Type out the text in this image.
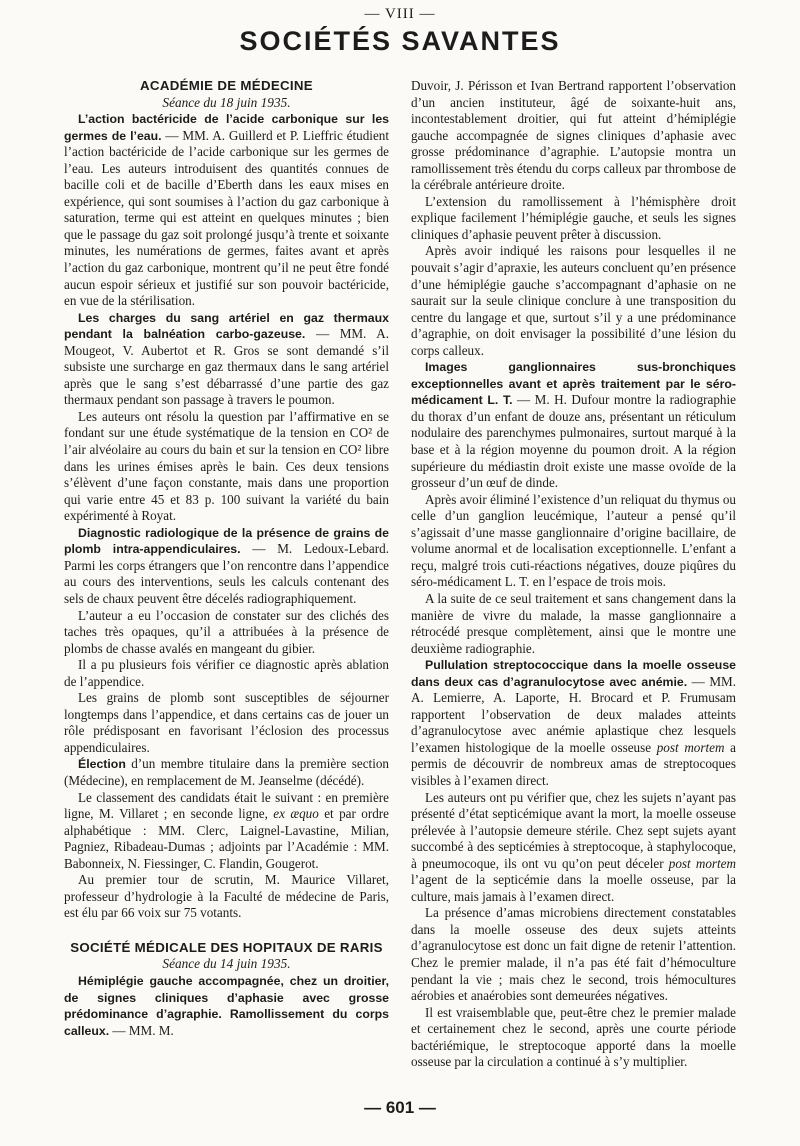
— VIII —
SOCIÉTÉS SAVANTES

ACADÉMIE DE MÉDECINE

Séance du 18 juin 1935.

L’action bactéricide de l’acide carbonique sur les germes de l’eau. — MM. A. Guillerd et P. Lieffric étudient l’action bactéricide de l’acide carbonique sur les germes de l’eau. Les auteurs introduisent des quantités connues de bacille coli et de bacille d’Eberth dans les eaux mises en expérience, qui sont soumises à l’action du gaz carbonique à saturation, terme qui est atteint en quelques minutes ; bien que le passage du gaz soit prolongé jusqu’à trente et soixante minutes, les numérations de germes, faites avant et après l’action du gaz carbonique, montrent qu’il ne peut être fondé aucun espoir sérieux et justifié sur son pouvoir bactéricide, en vue de la stérilisation.

Les charges du sang artériel en gaz thermaux pendant la balnéation carbo-gazeuse. — MM. A. Mougeot, V. Aubertot et R. Gros se sont demandé s’il subsiste une surcharge en gaz thermaux dans le sang artériel après que le sang s’est débarrassé d’une partie des gaz thermaux pendant son passage à travers le poumon.

Les auteurs ont résolu la question par l’affirmative en se fondant sur une étude systématique de la tension en CO² de l’air alvéolaire au cours du bain et sur la tension en CO² libre dans les urines émises après le bain. Ces deux tensions s’élèvent d’une façon constante, mais dans une proportion qui varie entre 45 et 83 p. 100 suivant la variété du bain expérimenté à Royat.

Diagnostic radiologique de la présence de grains de plomb intra-appendiculaires. — M. Ledoux-Lebard. Parmi les corps étrangers que l’on rencontre dans l’appendice au cours des interventions, seuls les calculs contenant des sels de chaux peuvent être décelés radiographiquement.

L’auteur a eu l’occasion de constater sur des clichés des taches très opaques, qu’il a attribuées à la présence de plombs de chasse avalés en mangeant du gibier.

Il a pu plusieurs fois vérifier ce diagnostic après ablation de l’appendice.

Les grains de plomb sont susceptibles de séjourner longtemps dans l’appendice, et dans certains cas de jouer un rôle prédisposant en favorisant l’éclosion des processus appendiculaires.

Élection d’un membre titulaire dans la première section (Médecine), en remplacement de M. Jeanselme (décédé).

Le classement des candidats était le suivant : en première ligne, M. Villaret ; en seconde ligne, ex æquo et par ordre alphabétique : MM. Clerc, Laignel-Lavastine, Milian, Pagniez, Ribadeau-Dumas ; adjoints par l’Académie : MM. Babonneix, N. Fiessinger, C. Flandin, Gougerot.

Au premier tour de scrutin, M. Maurice Villaret, professeur d’hydrologie à la Faculté de médecine de Paris, est élu par 66 voix sur 75 votants.

SOCIÉTÉ MÉDICALE DES HOPITAUX DE RARIS

Séance du 14 juin 1935.

Hémiplégie gauche accompagnée, chez un droitier, de signes cliniques d’aphasie avec grosse prédominance d’agraphie. Ramollissement du corps calleux. — MM. M.

Duvoir, J. Périsson et Ivan Bertrand rapportent l’observation d’un ancien instituteur, âgé de soixante-huit ans, incontestablement droitier, qui fut atteint d’hémiplégie gauche accompagnée de signes cliniques d’aphasie avec grosse prédominance d’agraphie. L’autopsie montra un ramollissement très étendu du corps calleux par thrombose de la cérébrale antérieure droite.

L’extension du ramollissement à l’hémisphère droit explique facilement l’hémiplégie gauche, et seuls les signes cliniques d’aphasie peuvent prêter à discussion.

Après avoir indiqué les raisons pour lesquelles il ne pouvait s’agir d’apraxie, les auteurs concluent qu’en présence d’une hémiplégie gauche s’accompagnant d’aphasie on ne saurait sur la seule clinique conclure à une transposition du centre du langage et que, surtout s’il y a une prédominance d’agraphie, on doit envisager la possibilité d’une lésion du corps calleux.

Images ganglionnaires sus-bronchiques exceptionnelles avant et après traitement par le séro-médicament L. T. — M. H. Dufour montre la radiographie du thorax d’un enfant de douze ans, présentant un réticulum nodulaire des parenchymes pulmonaires, surtout marqué à la base et à la région moyenne du poumon droit. A la région supérieure du médiastin droit existe une masse ovoïde de la grosseur d’un œuf de dinde.

Après avoir éliminé l’existence d’un reliquat du thymus ou celle d’un ganglion leucémique, l’auteur a pensé qu’il s’agissait d’une masse ganglionnaire d’origine bacillaire, de volume anormal et de localisation exceptionnelle. L’enfant a reçu, malgré trois cuti-réactions négatives, douze piqûres du séro-médicament L. T. en l’espace de trois mois.

A la suite de ce seul traitement et sans changement dans la manière de vivre du malade, la masse ganglionnaire a rétrocédé presque complètement, ainsi que le montre une deuxième radiographie.

Pullulation streptococcique dans la moelle osseuse dans deux cas d’agranulocytose avec anémie. — MM. A. Lemierre, A. Laporte, H. Brocard et P. Frumusam rapportent l’observation de deux malades atteints d’agranulocytose avec anémie aplastique chez lesquels l’examen histologique de la moelle osseuse post mortem a permis de découvrir de nombreux amas de streptocoques visibles à l’examen direct.

Les auteurs ont pu vérifier que, chez les sujets n’ayant pas présenté d’état septicémique avant la mort, la moelle osseuse prélevée à l’autopsie demeure stérile. Chez sept sujets ayant succombé à des septicémies à streptocoque, à staphylocoque, à pneumocoque, ils ont vu qu’on peut déceler post mortem l’agent de la septicémie dans la moelle osseuse, par la culture, mais jamais à l’examen direct.

La présence d’amas microbiens directement constatables dans la moelle osseuse des deux sujets atteints d’agranulocytose est donc un fait digne de retenir l’attention. Chez le premier malade, il n’a pas été fait d’hémoculture pendant la vie ; mais chez le second, trois hémocultures aérobies et anaérobies sont demeurées négatives.

Il est vraisemblable que, peut-être chez le premier malade et certainement chez le second, après une courte période bactériémique, le streptocoque apporté dans la moelle osseuse par la circulation a continué à s’y multiplier.

— 601 —
